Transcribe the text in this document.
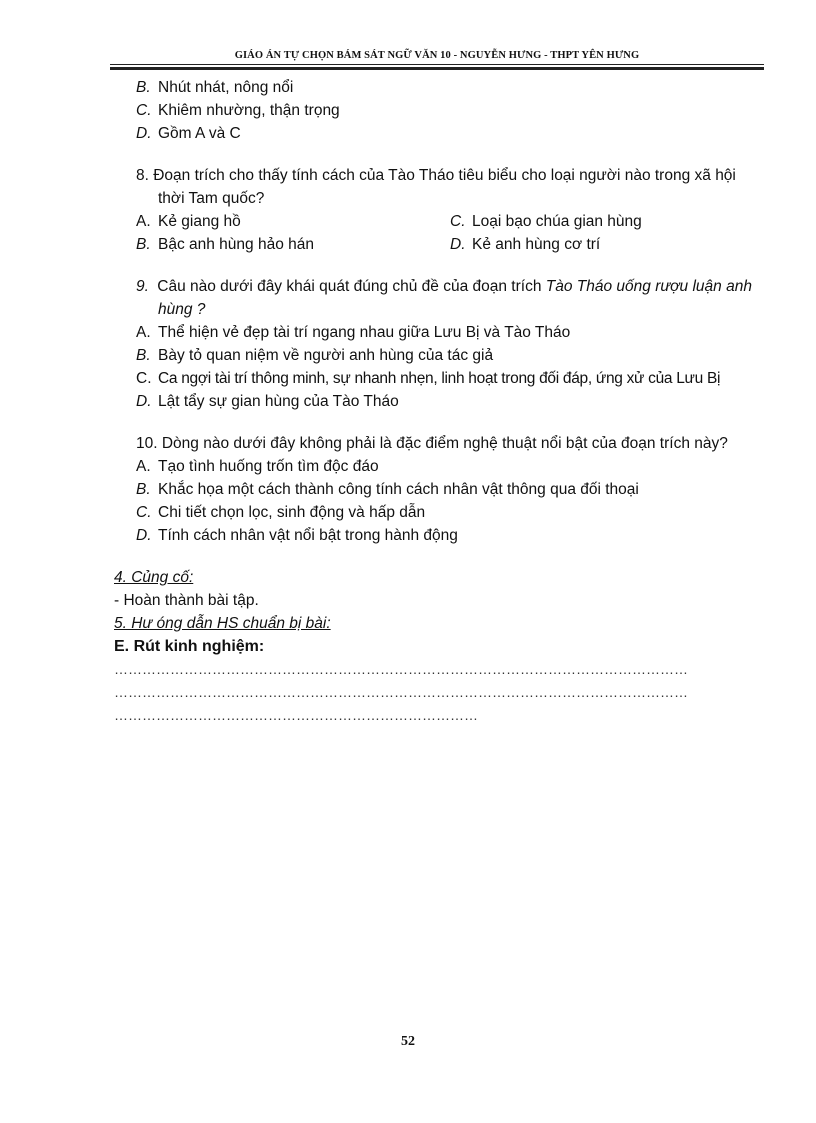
GIÁO ÁN TỰ CHỌN BÁM SÁT NGỮ VĂN 10 - NGUYỄN HƯNG - THPT YÊN HƯNG
B. Nhút nhát, nông nổi
C. Khiêm nhường, thận trọng
D. Gồm A và C
8. Đoạn trích cho thấy tính cách của Tào Tháo tiêu biểu cho loại người nào trong xã hội
thời Tam quốc?
A. Kẻ giang hồ	C. Loại bạo chúa gian hùng
B. Bậc anh hùng hảo hán	D. Kẻ anh hùng cơ trí
9. Câu nào dưới đây khái quát đúng chủ đề của đoạn trích Tào Tháo uống rượu luận anh
hùng ?
A. Thể hiện vẻ đẹp tài trí ngang nhau giữa Lưu Bị và Tào Tháo
B. Bày tỏ quan niệm về người anh hùng của tác giả
C. Ca ngợi tài trí thông minh, sự nhanh nhẹn, linh hoạt trong đối đáp, ứng xử của Lưu Bị
D. Lật tẩy sự gian hùng của Tào Tháo
10. Dòng nào dưới đây không phải là đặc điểm nghệ thuật nổi bật của đoạn trích này?
A. Tạo tình huống trốn tìm độc đáo
B. Khắc họa một cách thành công tính cách nhân vật thông qua đối thoại
C. Chi tiết chọn lọc, sinh động và hấp dẫn
D. Tính cách nhân vật nổi bật trong hành động
4. Củng cố:
- Hoàn thành bài tập.
5. Hư óng dẫn HS chuẩn bị bài:
E. Rút kinh nghiệm:
……………………………………………………………………………………………………………
……………………………………………………………………………………………………………
……………………………………………………………………
52
